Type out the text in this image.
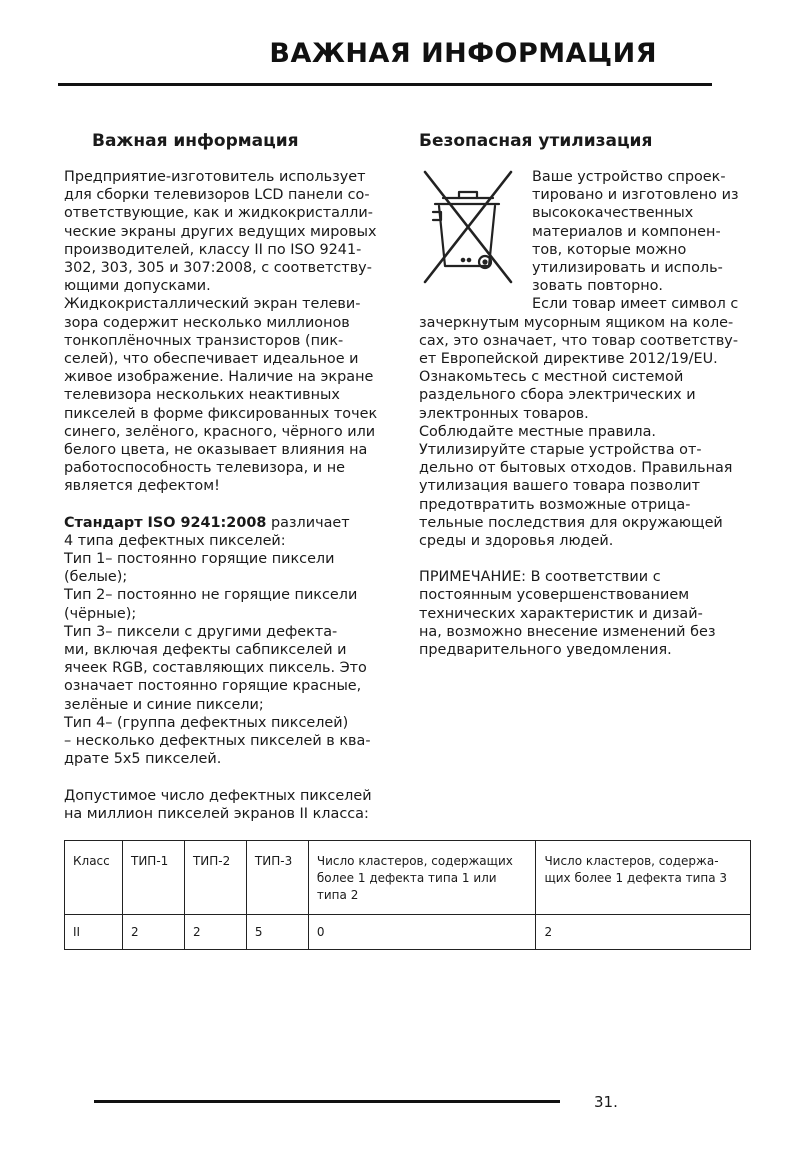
ВАЖНАЯ ИНФОРМАЦИЯ
Важная информация
Предприятие-изготовитель использует
для сборки телевизоров LCD панели со-
ответствующие, как и жидкокристалли-
ческие экраны других ведущих мировых
производителей, классу II по ISO 9241-
302, 303, 305 и 307:2008, с соответству-
ющими допусками.
Жидкокристаллический экран телеви-
зора содержит несколько миллионов
тонкоплёночных транзисторов (пик-
селей), что обеспечивает идеальное и
живое изображение. Наличие на экране
телевизора нескольких неактивных
пикселей в форме фиксированных точек
синего, зелёного, красного, чёрного или
белого цвета, не оказывает влияния на
работоспособность телевизора, и не
является дефектом!
Стандарт ISO 9241:2008 различает
4 типа дефектных пикселей:
Тип 1– постоянно горящие пиксели
(белые);
Тип 2– постоянно не горящие пиксели
(чёрные);
Тип 3– пиксели с другими дефекта-
ми, включая дефекты сабпикселей и
ячеек RGB, составляющих пиксель. Это
означает постоянно горящие красные,
зелёные и синие пиксели;
Тип 4– (группа дефектных пикселей)
– несколько дефектных пикселей в ква-
драте 5х5 пикселей.
Допустимое число дефектных пикселей
на миллион пикселей экранов II класса:
Безопасная утилизация
Ваше устройство спроек-
тировано и изготовлено из
высококачественных
материалов и компонен-
тов, которые можно
утилизировать и исполь-
зовать повторно.
Если товар имеет символ с
зачеркнутым мусорным ящиком на коле-
сах, это означает, что товар соответству-
ет Европейской директиве 2012/19/EU.
Ознакомьтесь с местной системой
раздельного сбора электрических и
электронных товаров.
Соблюдайте местные правила.
Утилизируйте старые устройства от-
дельно от бытовых отходов. Правильная
утилизация вашего товара позволит
предотвратить возможные отрица-
тельные последствия для окружающей
среды и здоровья людей.
ПРИМЕЧАНИЕ: В соответствии с
постоянным усовершенствованием
технических характеристик и дизай-
на, возможно внесение изменений без
предварительного уведомления.
Класс	ТИП-1	ТИП-2	ТИП-3	Число кластеров, содержащих более 1 дефекта типа 1 или типа 2	Число кластеров, содержа-щих более 1 дефекта типа 3
II	2	2	5	0	2
31.
